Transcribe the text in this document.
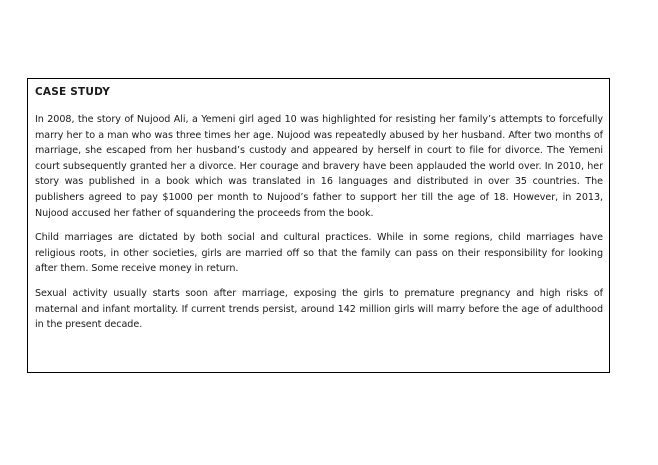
CASE STUDY

In 2008, the story of Nujood Ali, a Yemeni girl aged 10 was highlighted for resisting her family’s attempts to forcefully marry her to a man who was three times her age. Nujood was repeatedly abused by her husband. After two months of marriage, she escaped from her husband’s custody and appeared by herself in court to file for divorce. The Yemeni court subsequently granted her a divorce. Her courage and bravery have been applauded the world over. In 2010, her story was published in a book which was translated in 16 languages and distributed in over 35 countries. The publishers agreed to pay $1000 per month to Nujood’s father to support her till the age of 18. However, in 2013, Nujood accused her father of squandering the proceeds from the book.

Child marriages are dictated by both social and cultural practices. While in some regions, child marriages have religious roots, in other societies, girls are married off so that the family can pass on their responsibility for looking after them. Some receive money in return.

Sexual activity usually starts soon after marriage, exposing the girls to premature pregnancy and high risks of maternal and infant mortality. If current trends persist, around 142 million girls will marry before the age of adulthood in the present decade.
